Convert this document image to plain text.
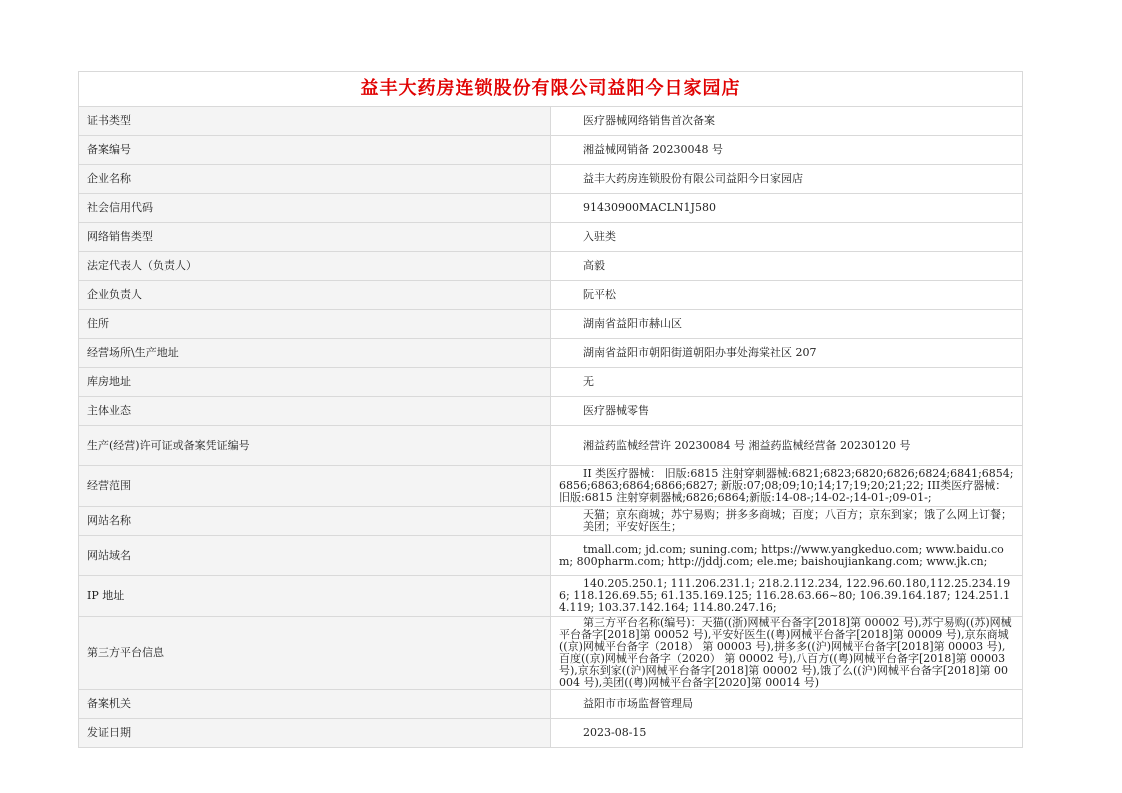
益丰大药房连锁股份有限公司益阳今日家园店	
证书类型	医疗器械网络销售首次备案
备案编号	湘益械网销备 20230048 号
企业名称	益丰大药房连锁股份有限公司益阳今日家园店
社会信用代码	91430900MACLN1J580
网络销售类型	入驻类
法定代表人（负责人）	高毅
企业负责人	阮平松
住所	湖南省益阳市赫山区
经营场所\生产地址	湖南省益阳市朝阳街道朝阳办事处海棠社区 207
库房地址	无
主体业态	医疗器械零售
生产(经营)许可证或备案凭证编号	湘益药监械经营许 20230084 号 湘益药监械经营备 20230120 号
经营范围	II 类医疗器械： 旧版:6815 注射穿刺器械:6821;6823;6820;6826;6824;6841;6854;6856;6863;6864;6866;6827; 新版:07;08;09;10;14;17;19;20;21;22; III类医疗器械： 旧版:6815 注射穿刺器械;6826;6864;新版:14-08-;14-02-;14-01-;09-01-;
网站名称	天猫；京东商城；苏宁易购；拼多多商城；百度；八百方；京东到家；饿了么网上订餐；美团；平安好医生；
网站域名	tmall.com; jd.com; suning.com; https://www.yangkeduo.com; www.baidu.com; 800pharm.com; http://jddj.com; ele.me; baishoujiankang.com; www.jk.cn;
IP 地址	140.205.250.1; 111.206.231.1; 218.2.112.234, 122.96.60.180,112.25.234.196; 118.126.69.55; 61.135.169.125; 116.28.63.66~80; 106.39.164.187; 124.251.14.119; 103.37.142.164; 114.80.247.16;
第三方平台信息	第三方平台名称(编号)：天猫((浙)网械平台备字[2018]第 00002 号),苏宁易购((苏)网械平台备字[2018]第 00052 号),平安好医生((粤)网械平台备字[2018]第 00009 号),京东商城((京)网械平台备字（2018） 第 00003 号),拼多多((沪)网械平台备字[2018]第 00003 号),百度((京)网械平台备字（2020） 第 00002 号),八百方((粤)网械平台备字[2018]第 00003 号),京东到家((沪)网械平台备字[2018]第 00002 号),饿了么((沪)网械平台备字[2018]第 00004 号),美团((粤)网械平台备字[2020]第 00014 号)
备案机关	益阳市市场监督管理局
发证日期	2023-08-15
